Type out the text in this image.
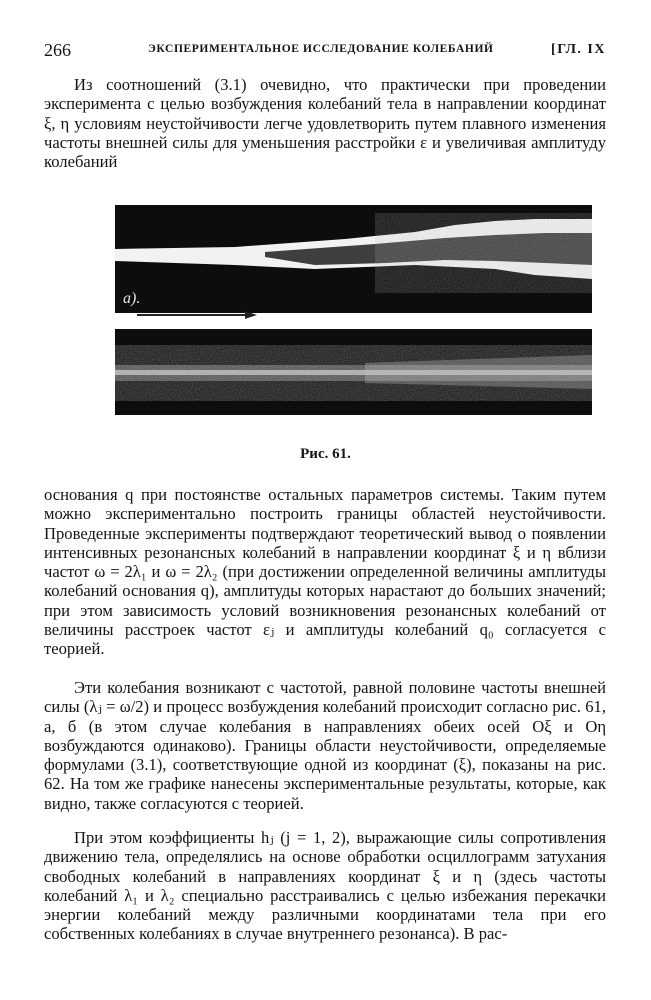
266	ЭКСПЕРИМЕНТАЛЬНОЕ ИССЛЕДОВАНИЕ КОЛЕБАНИЙ	[ГЛ. IX

Из соотношений (3.1) очевидно, что практически при проведении эксперимента с целью возбуждения колебаний тела в направлении координат ξ, η условиям неустойчивости легче удовлетворить путем плавного изменения частоты внешней силы для уменьшения расстройки ε и увеличивая амплитуду колебаний

а).
Рис. 61.

основания q при постоянстве остальных параметров системы. Таким путем можно экспериментально построить границы областей неустойчивости. Проведенные эксперименты подтверждают теоретический вывод о появлении интенсивных резонансных колебаний в направлении координат ξ и η вблизи частот ω = 2λ₁ и ω = 2λ₂ (при достижении определенной величины амплитуды колебаний основания q), амплитуды которых нарастают до больших значений; при этом зависимость условий возникновения резонансных колебаний от величины расстроек частот εⱼ и амплитуды колебаний q₀ согласуется с теорией.

Эти колебания возникают с частотой, равной половине частоты внешней силы (λⱼ = ω/2) и процесс возбуждения колебаний происходит согласно рис. 61, а, б (в этом случае колебания в направлениях обеих осей Oξ и Oη возбуждаются одинаково). Границы области неустойчивости, определяемые формулами (3.1), соответствующие одной из координат (ξ), показаны на рис. 62. На том же графике нанесены экспериментальные результаты, которые, как видно, также согласуются с теорией.

При этом коэффициенты hⱼ (j = 1, 2), выражающие силы сопротивления движению тела, определялись на основе обработки осциллограмм затухания свободных колебаний в направлениях координат ξ и η (здесь частоты колебаний λ₁ и λ₂ специально расстраивались с целью избежания перекачки энергии колебаний между различными координатами тела при его собственных колебаниях в случае внутреннего резонанса). В рас-
